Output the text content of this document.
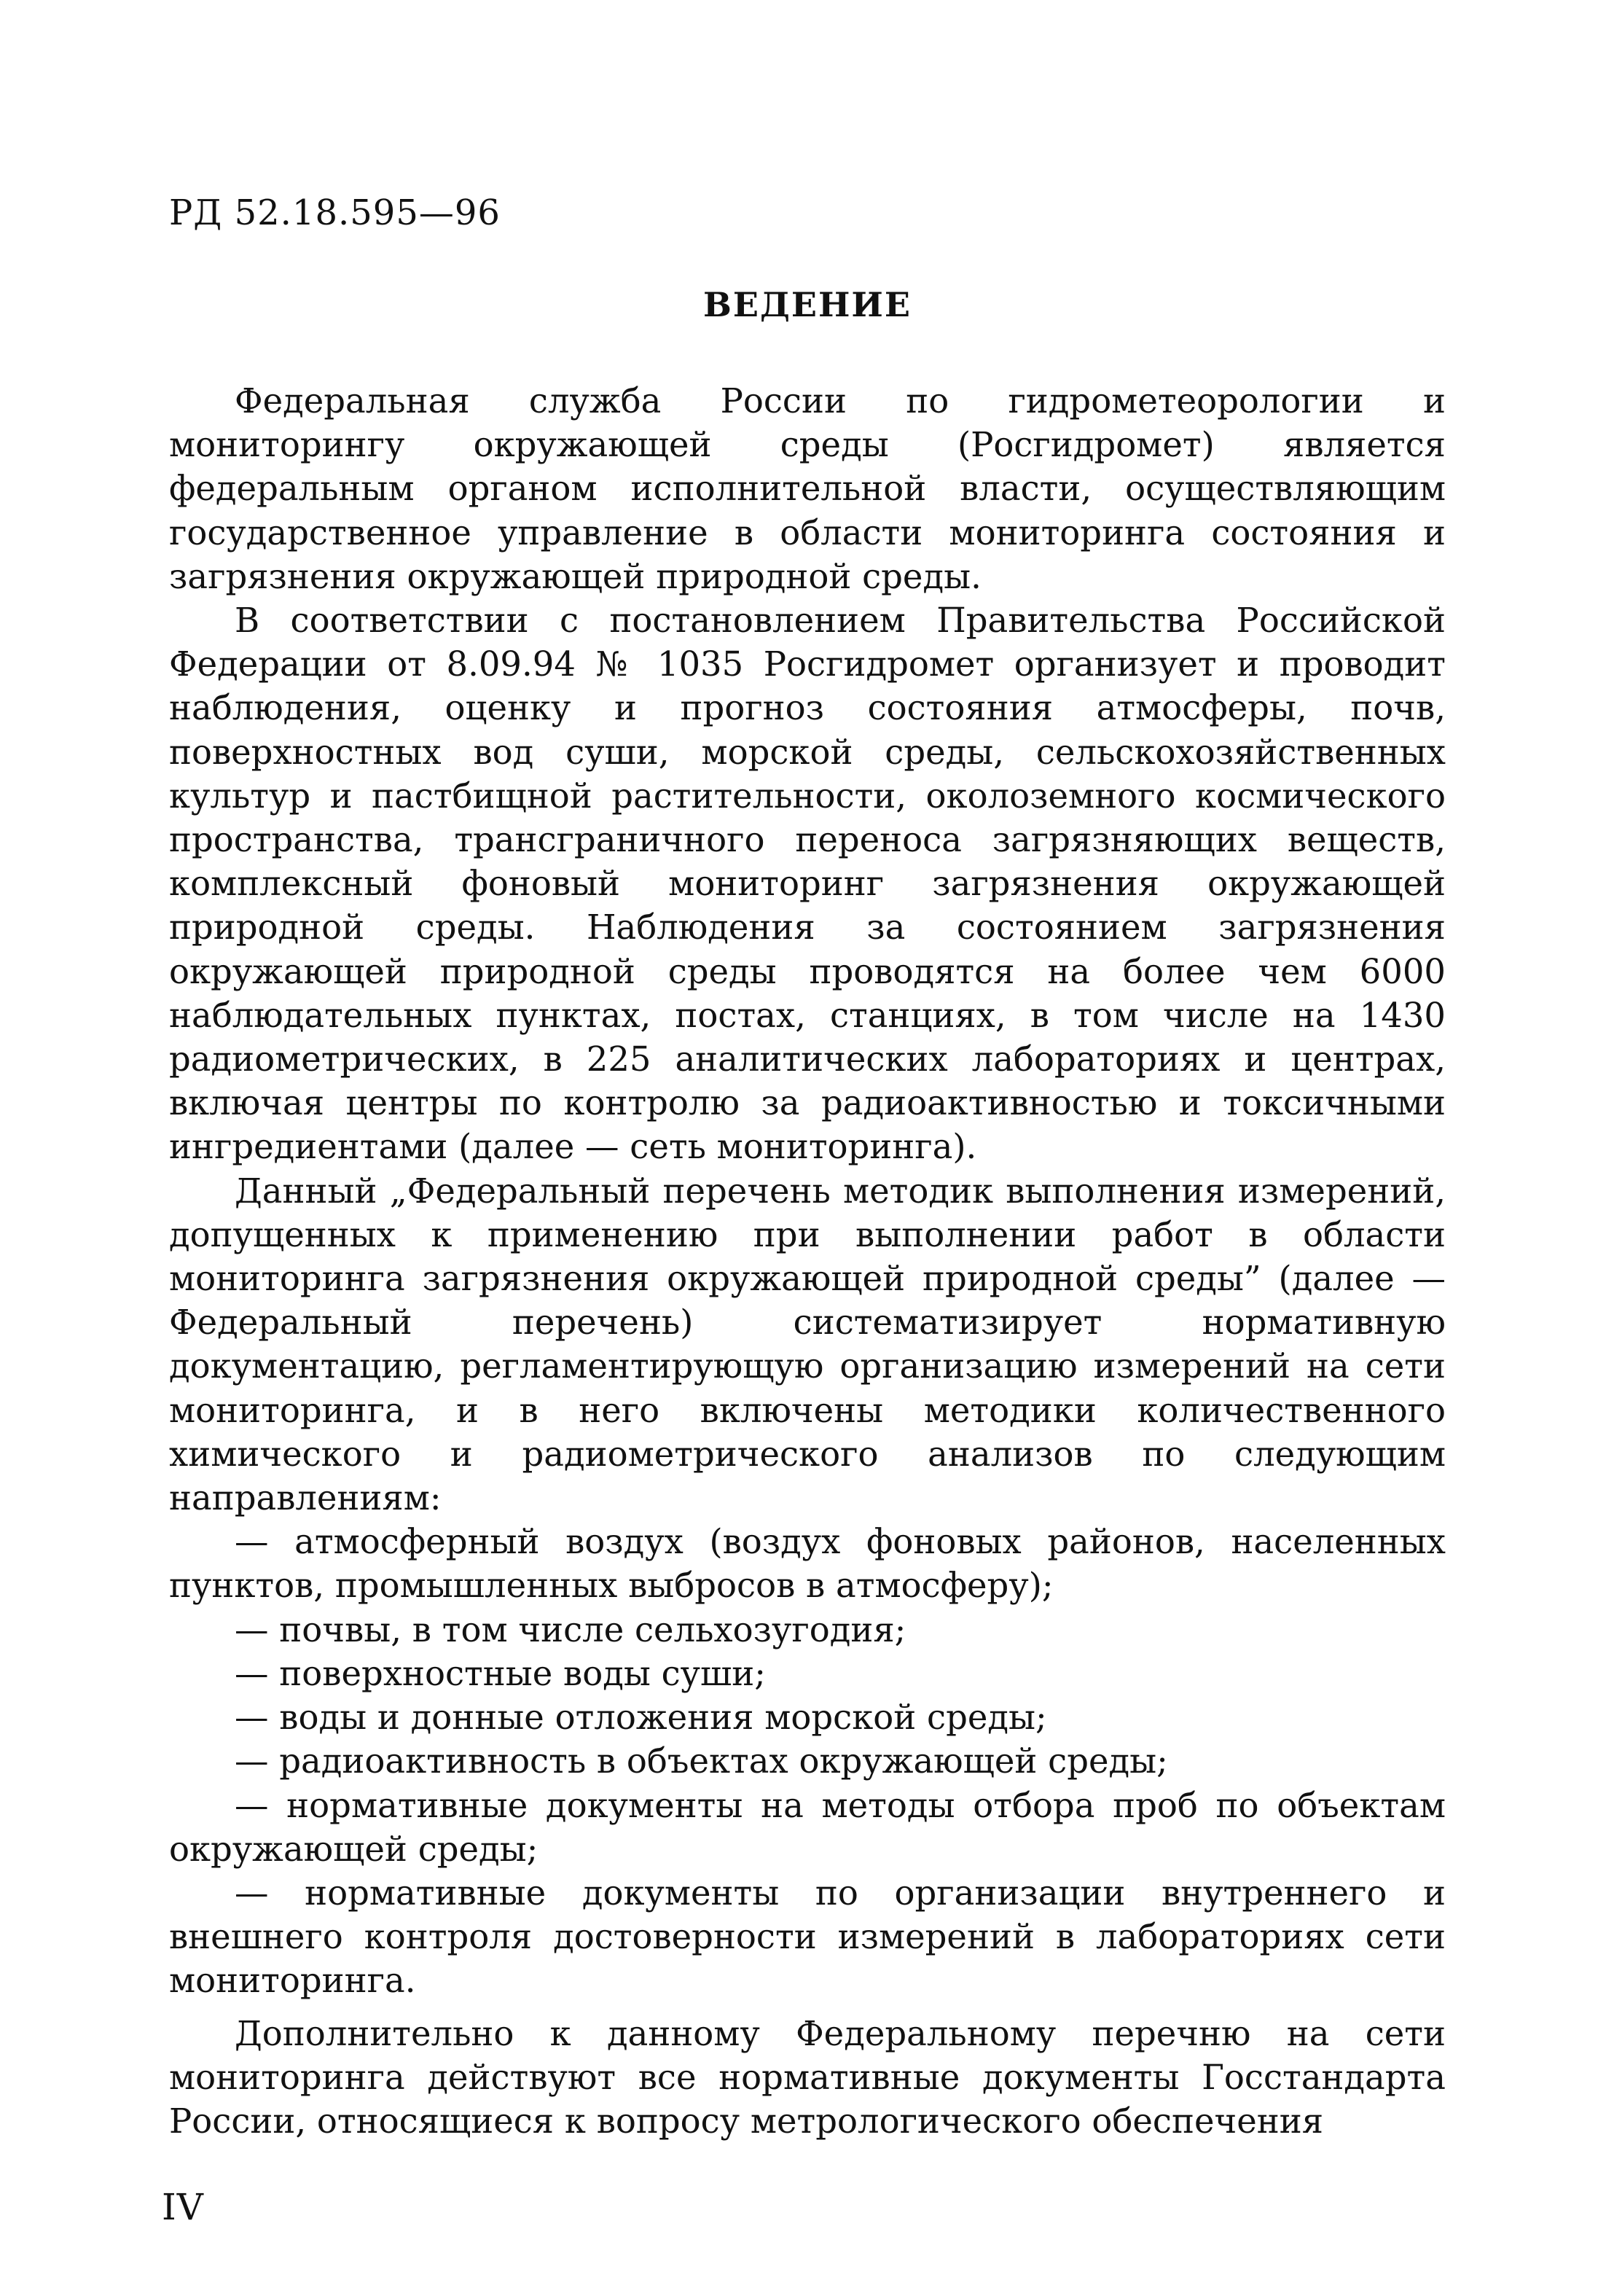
РД 52.18.595—96
ВЕДЕНИЕ

Федеральная служба России по гидрометеорологии и мониторингу окружающей среды (Росгидромет) является федеральным органом исполнительной власти, осуществляющим государственное управление в области мониторинга состояния и загрязнения окружающей природной среды.

В соответствии с постановлением Правительства Российской Федерации от 8.09.94 № 1035 Росгидромет организует и проводит наблюдения, оценку и прогноз состояния атмосферы, почв, поверхностных вод суши, морской среды, сельскохозяйственных культур и пастбищной растительности, околоземного космического пространства, трансграничного переноса загрязняющих веществ, комплексный фоновый мониторинг загрязнения окружающей природной среды. Наблюдения за состоянием загрязнения окружающей природной среды проводятся на более чем 6000 наблюдательных пунктах, постах, станциях, в том числе на 1430 радиометрических, в 225 аналитических лабораториях и центрах, включая центры по контролю за радиоактивностью и токсичными ингредиентами (далее — сеть мониторинга).

Данный „Федеральный перечень методик выполнения измерений, допущенных к применению при выполнении работ в области мониторинга загрязнения окружающей природной среды” (далее — Федеральный перечень) систематизирует нормативную документацию, регламентирующую организацию измерений на сети мониторинга, и в него включены методики количественного химического и радиометрического анализов по следующим направлениям:

— атмосферный воздух (воздух фоновых районов, населенных пунктов, промышленных выбросов в атмосферу);

— почвы, в том числе сельхозугодия;

— поверхностные воды суши;

— воды и донные отложения морской среды;

— радиоактивность в объектах окружающей среды;

— нормативные документы на методы отбора проб по объектам окружающей среды;

— нормативные документы по организации внутреннего и внешнего контроля достоверности измерений в лабораториях сети мониторинга.

Дополнительно к данному Федеральному перечню на сети мониторинга действуют все нормативные документы Госстандарта России, относящиеся к вопросу метрологического обеспечения

IV
